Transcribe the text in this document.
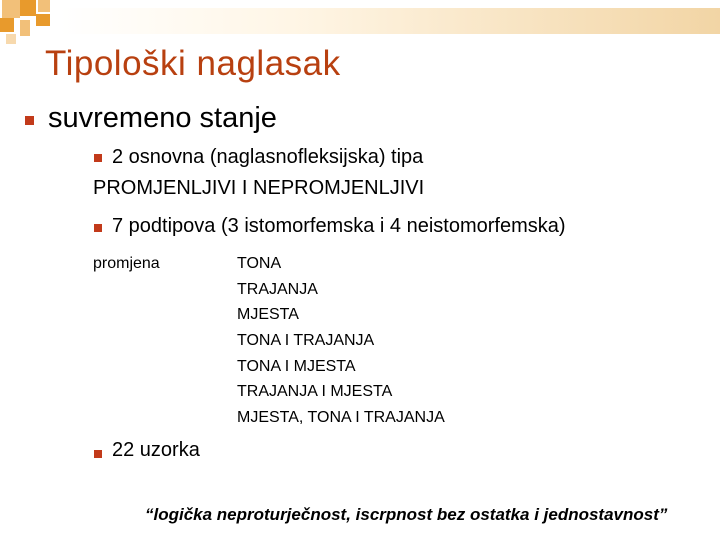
Tipološki naglasak
suvremeno stanje
2 osnovna (naglasnofleksijska) tipa
PROMJENLJIVI I NEPROMJENLJIVI
7 podtipova (3 istomorfemska i 4 neistomorfemska)
promjena	TONA
TRAJANJA
MJESTA
TONA I TRAJANJA
TONA I MJESTA
TRAJANJA I MJESTA
MJESTA, TONA I TRAJANJA
22 uzorka
“logička neproturječnost, iscrpnost bez ostatka i jednostavnost”
